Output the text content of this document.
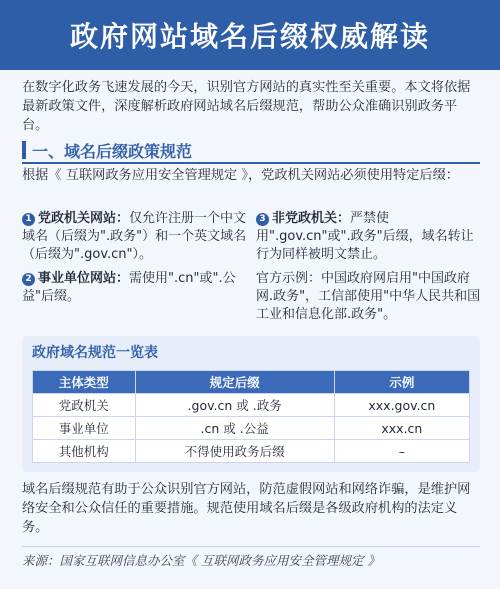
政府网站域名后缀权威解读

在数字化政务飞速发展的今天，识别官方网站的真实性至关重要。本文将依据最新政策文件，深度解析政府网站域名后缀规范，帮助公众准确识别政务平台。

一、域名后缀政策规范

根据《 互联网政务应用安全管理规定 》，党政机关网站必须使用特定后缀：

1 党政机关网站：仅允许注册一个中文域名（后缀为".政务"）和一个英文域名（后缀为".gov.cn"）。

2 事业单位网站：需使用".cn"或".公益"后缀。

3 非党政机关：严禁使用".gov.cn"或".政务"后缀，域名转让行为同样被明文禁止。

官方示例：中国政府网启用"中国政府网.政务"，工信部使用"中华人民共和国工业和信息化部.政务"。

政府域名规范一览表

主体类型	规定后缀	示例
党政机关	.gov.cn 或 .政务	xxx.gov.cn
事业单位	.cn 或 .公益	xxx.cn
其他机构	不得使用政务后缀	–

域名后缀规范有助于公众识别官方网站，防范虚假网站和网络诈骗，是维护网络安全和公众信任的重要措施。规范使用域名后缀是各级政府机构的法定义务。

来源：国家互联网信息办公室《 互联网政务应用安全管理规定 》
